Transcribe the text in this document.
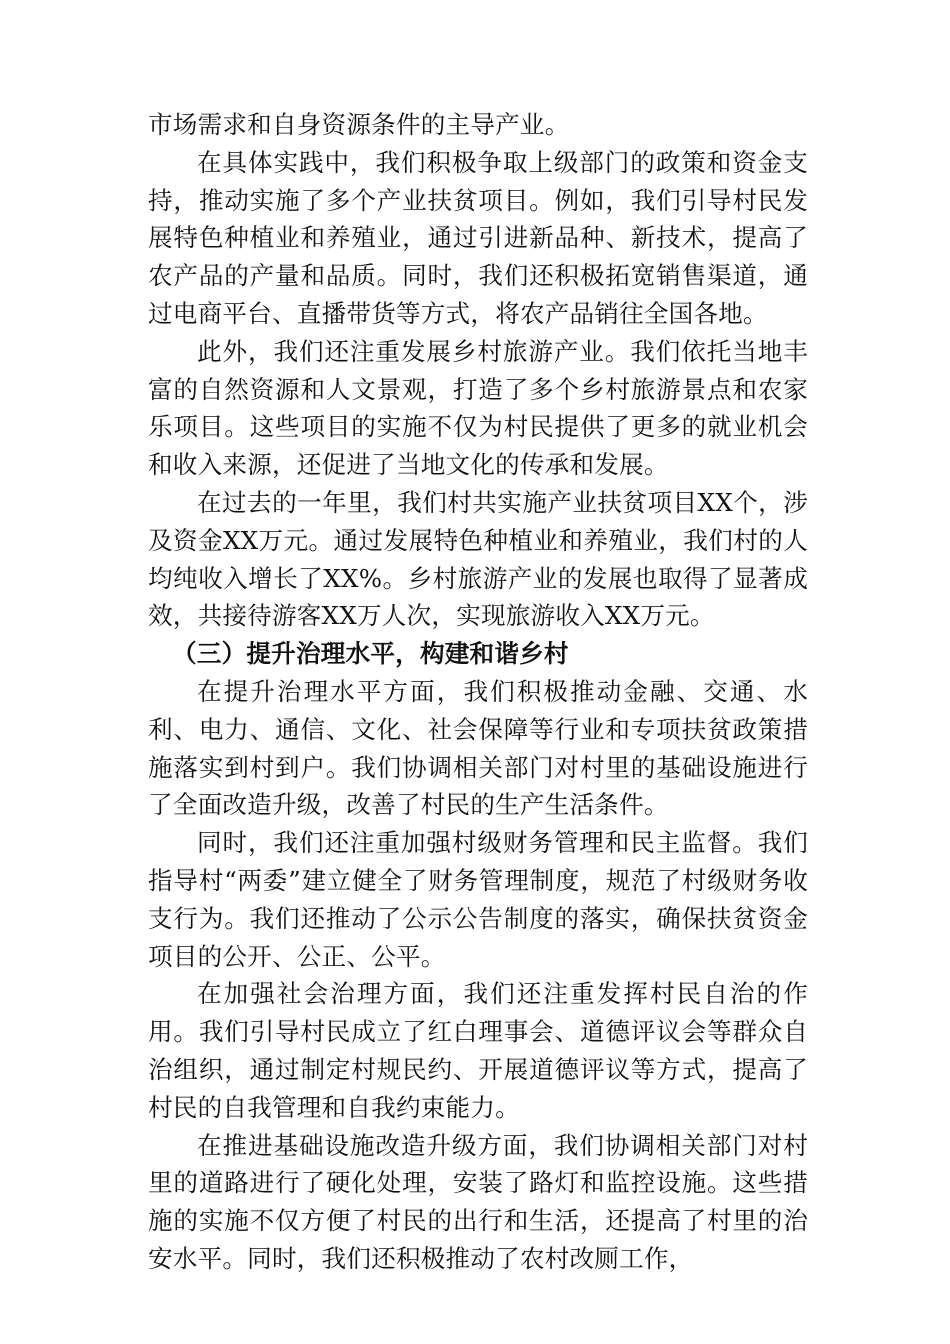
市场需求和自身资源条件的主导产业。

在具体实践中，我们积极争取上级部门的政策和资金支持，推动实施了多个产业扶贫项目。例如，我们引导村民发展特色种植业和养殖业，通过引进新品种、新技术，提高了农产品的产量和品质。同时，我们还积极拓宽销售渠道，通过电商平台、直播带货等方式，将农产品销往全国各地。

此外，我们还注重发展乡村旅游产业。我们依托当地丰富的自然资源和人文景观，打造了多个乡村旅游景点和农家乐项目。这些项目的实施不仅为村民提供了更多的就业机会和收入来源，还促进了当地文化的传承和发展。

在过去的一年里，我们村共实施产业扶贫项目XX个，涉及资金XX万元。通过发展特色种植业和养殖业，我们村的人均纯收入增长了XX%。乡村旅游产业的发展也取得了显著成效，共接待游客XX万人次，实现旅游收入XX万元。

（三）提升治理水平，构建和谐乡村

在提升治理水平方面，我们积极推动金融、交通、水利、电力、通信、文化、社会保障等行业和专项扶贫政策措施落实到村到户。我们协调相关部门对村里的基础设施进行了全面改造升级，改善了村民的生产生活条件。

同时，我们还注重加强村级财务管理和民主监督。我们指导村“两委”建立健全了财务管理制度，规范了村级财务收支行为。我们还推动了公示公告制度的落实，确保扶贫资金项目的公开、公正、公平。

在加强社会治理方面，我们还注重发挥村民自治的作用。我们引导村民成立了红白理事会、道德评议会等群众自治组织，通过制定村规民约、开展道德评议等方式，提高了村民的自我管理和自我约束能力。

在推进基础设施改造升级方面，我们协调相关部门对村里的道路进行了硬化处理，安装了路灯和监控设施。这些措施的实施不仅方便了村民的出行和生活，还提高了村里的治安水平。同时，我们还积极推动了农村改厕工作，
